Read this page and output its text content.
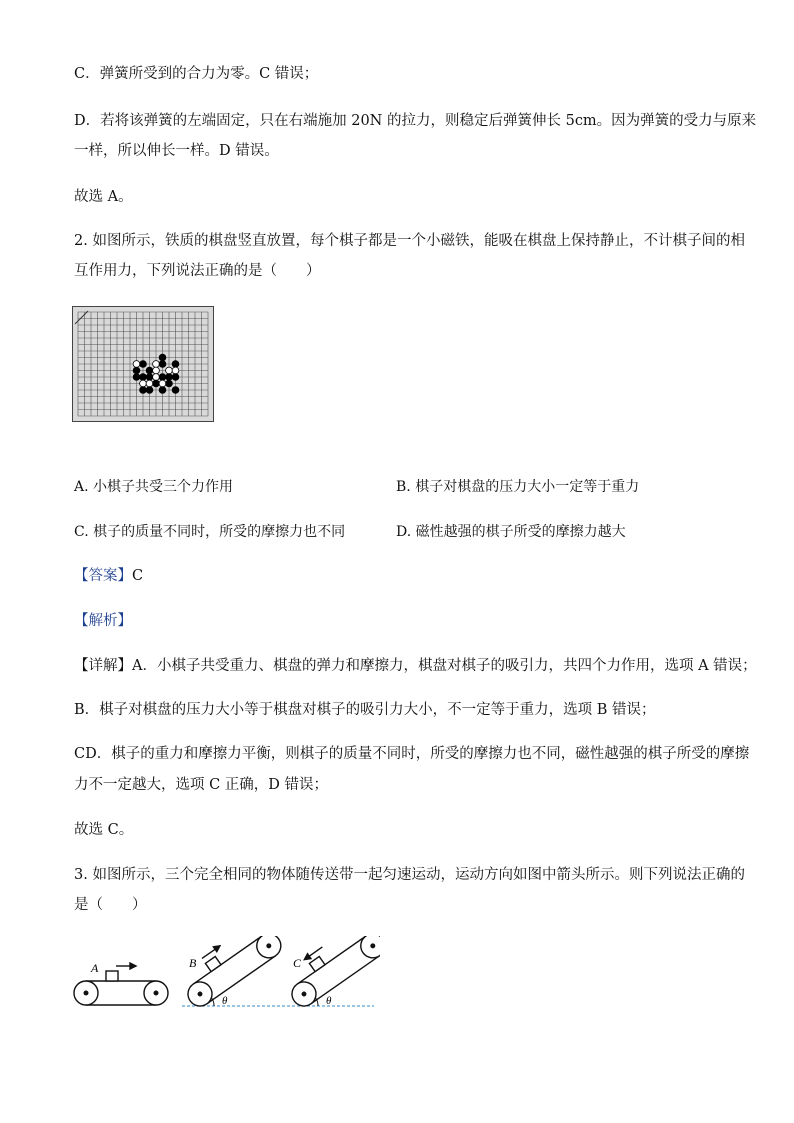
C．弹簧所受到的合力为零。C 错误；
D．若将该弹簧的左端固定，只在右端施加 20N 的拉力，则稳定后弹簧伸长 5cm。因为弹簧的受力与原来
一样，所以伸长一样。D 错误。
故选 A。
2. 如图所示，铁质的棋盘竖直放置，每个棋子都是一个小磁铁，能吸在棋盘上保持静止，不计棋子间的相
互作用力，下列说法正确的是（　　）
A. 小棋子共受三个力作用	B. 棋子对棋盘的压力大小一定等于重力
C. 棋子的质量不同时，所受的摩擦力也不同	D. 磁性越强的棋子所受的摩擦力越大
【答案】C
【解析】
【详解】A．小棋子共受重力、棋盘的弹力和摩擦力，棋盘对棋子的吸引力，共四个力作用，选项 A 错误；
B．棋子对棋盘的压力大小等于棋盘对棋子的吸引力大小，不一定等于重力，选项 B 错误；
CD．棋子的重力和摩擦力平衡，则棋子的质量不同时，所受的摩擦力也不同，磁性越强的棋子所受的摩擦
力不一定越大，选项 C 正确，D 错误；
故选 C。
3. 如图所示，三个完全相同的物体随传送带一起匀速运动，运动方向如图中箭头所示。则下列说法正确的
是（　　）
A	B
θ
C
θ
